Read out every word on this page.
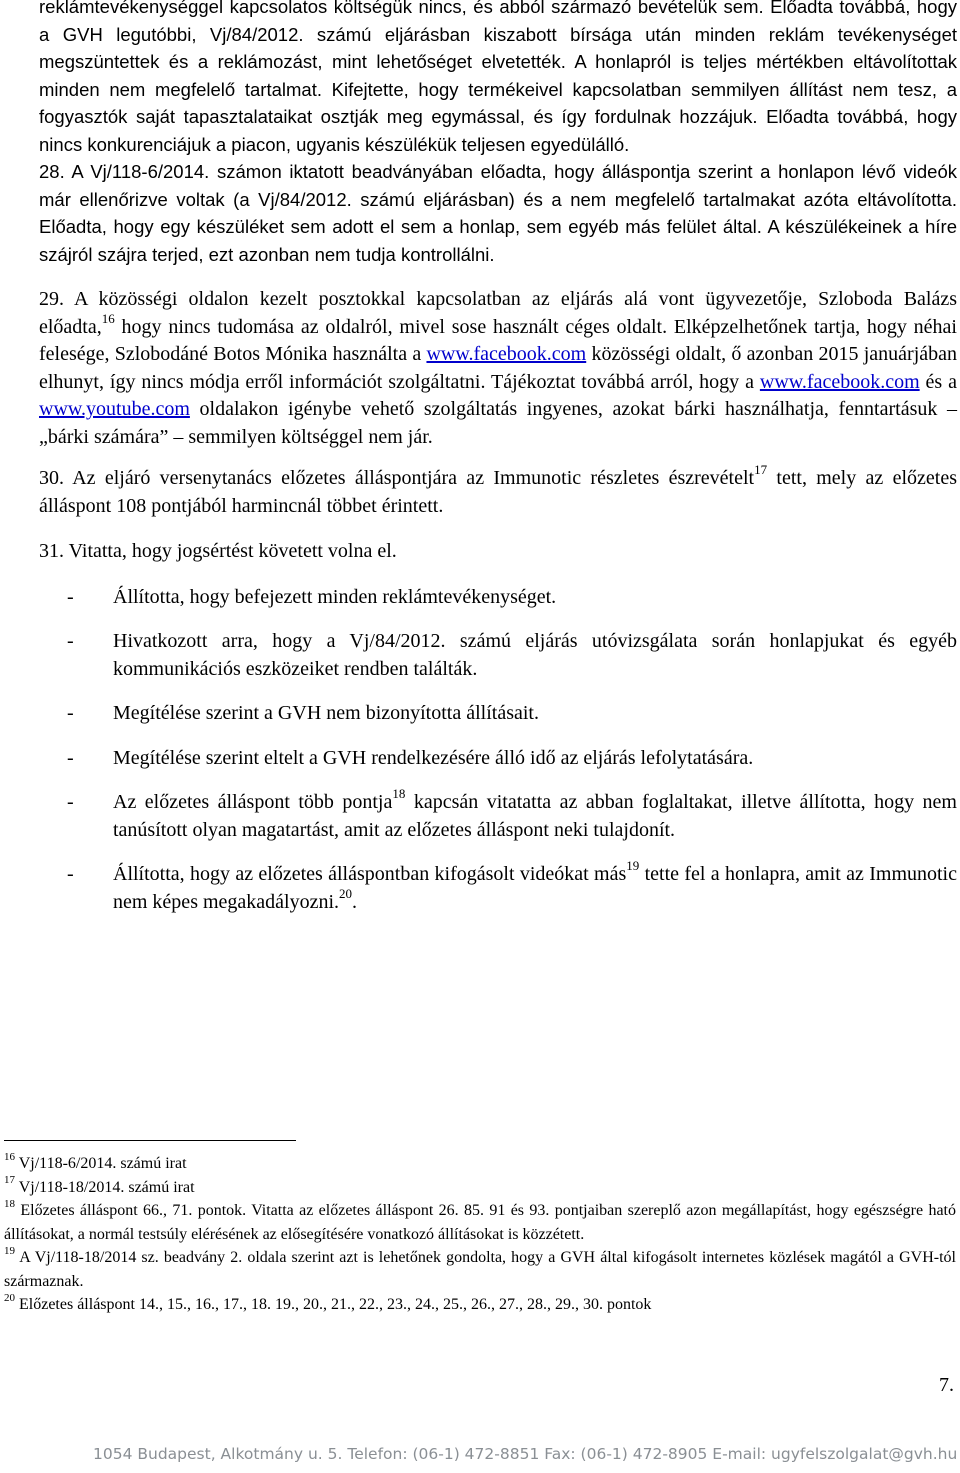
reklámtevékenységgel kapcsolatos költségük nincs, és abból származó bevételük sem. Előadta továbbá, hogy a GVH legutóbbi, Vj/84/2012. számú eljárásban kiszabott bírsága után minden reklám tevékenységet megszüntettek és a reklámozást, mint lehetőséget elvetették. A honlapról is teljes mértékben eltávolítottak minden nem megfelelő tartalmat. Kifejtette, hogy termékeivel kapcsolatban semmilyen állítást nem tesz, a fogyasztók saját tapasztalataikat osztják meg egymással, és így fordulnak hozzájuk. Előadta továbbá, hogy nincs konkurenciájuk a piacon, ugyanis készülékük teljesen egyedülálló.

28. A Vj/118-6/2014. számon iktatott beadványában előadta, hogy álláspontja szerint a honlapon lévő videók már ellenőrizve voltak (a Vj/84/2012. számú eljárásban) és a nem megfelelő tartalmakat azóta eltávolította. Előadta, hogy egy készüléket sem adott el sem a honlap, sem egyéb más felület által. A készülékeinek a híre szájról szájra terjed, ezt azonban nem tudja kontrollálni.

29. A közösségi oldalon kezelt posztokkal kapcsolatban az eljárás alá vont ügyvezetője, Szloboda Balázs előadta,$^{16}$ hogy nincs tudomása az oldalról, mivel sose használt céges oldalt. Elképzelhetőnek tartja, hogy néhai felesége, Szlobodáné Botos Mónika használta a www.facebook.com közösségi oldalt, ő azonban 2015 januárjában elhunyt, így nincs módja erről információt szolgáltatni. Tájékoztat továbbá arról, hogy a www.facebook.com és a www.youtube.com oldalakon igénybe vehető szolgáltatás ingyenes, azokat bárki használhatja, fenntartásuk – „bárki számára” – semmilyen költséggel nem jár.
30. Az eljáró versenytanács előzetes álláspontjára az Immunotic részletes észrevételt$^{17}$ tett, mely az előzetes álláspont 108 pontjából harmincnál többet érintett.
31. Vitatta, hogy jogsértést követett volna el.
- Állította, hogy befejezett minden reklámtevékenységet.
- Hivatkozott arra, hogy a Vj/84/2012. számú eljárás utóvizsgálata során honlapjukat és egyéb kommunikációs eszközeiket rendben találták.
- Megítélése szerint a GVH nem bizonyította állításait.
- Megítélése szerint eltelt a GVH rendelkezésére álló idő az eljárás lefolytatására.
- Az előzetes álláspont több pontja$^{18}$ kapcsán vitatatta az abban foglaltakat, illetve állította, hogy nem tanúsított olyan magatartást, amit az előzetes álláspont neki tulajdonít.
- Állította, hogy az előzetes álláspontban kifogásolt videókat más$^{19}$ tette fel a honlapra, amit az Immunotic nem képes megakadályozni.$^{20}$.
$^{16}$ Vj/118-6/2014. számú irat
$^{17}$ Vj/118-18/2014. számú irat
$^{18}$ Előzetes álláspont 66., 71. pontok. Vitatta az előzetes álláspont 26. 85. 91 és 93. pontjaiban szereplő azon megállapítást, hogy egészségre ható állításokat, a normál testsúly elérésének az elősegítésére vonatkozó állításokat is közzétett.
$^{19}$ A Vj/118-18/2014 sz. beadvány 2. oldala szerint azt is lehetőnek gondolta, hogy a GVH által kifogásolt internetes közlések magától a GVH-tól származnak.
$^{20}$ Előzetes álláspont 14., 15., 16., 17., 18. 19., 20., 21., 22., 23., 24., 25., 26., 27., 28., 29., 30. pontok
7.
1054 Budapest, Alkotmány u. 5. Telefon: (06-1) 472-8851 Fax: (06-1) 472-8905 E-mail: ugyfelszolgalat@gvh.hu
